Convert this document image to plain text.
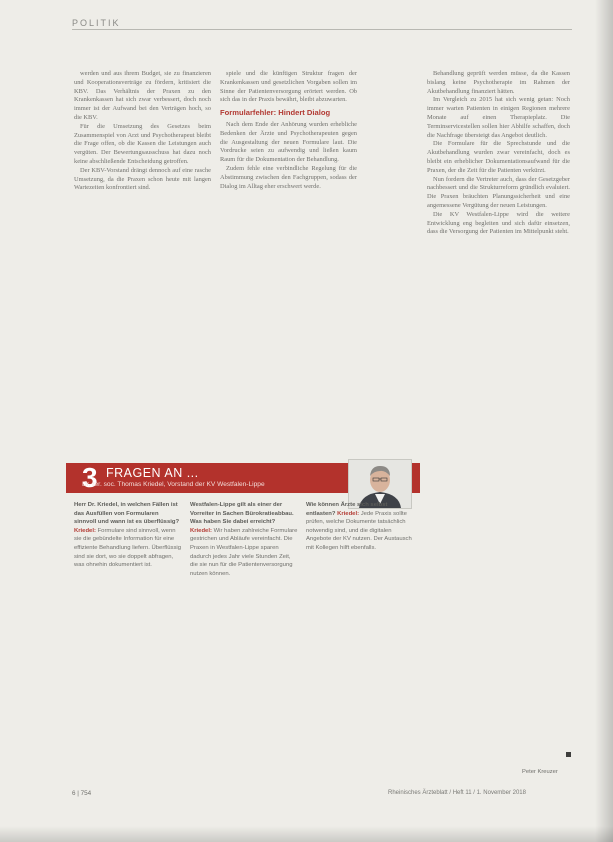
POLITIK

werden und aus ihrem Budget, sie zu finanzieren und Kooperationsverträge zu fördern, kritisiert die KBV. Das Verhältnis der Praxen zu den Krankenkassen hat sich zwar verbessert, doch noch immer ist der Aufwand bei den Verträgen hoch, so die KBV.

Für die Umsetzung des Gesetzes beim Zusammenspiel von Arzt und Psychotherapeut bleibt die Frage offen, ob die Kassen die Leistungen auch vergüten. Der Bewertungsausschuss hat dazu noch keine abschließende Entscheidung getroffen.

Der KBV-Vorstand drängt dennoch auf eine rasche Umsetzung, da die Praxen schon heute mit langen Wartezeiten konfrontiert sind.

spiele und die künftigen Struktur fragen der Krankenkassen und gesetzlichen Vorgaben sollen im Sinne der Patientenversorgung erörtert werden. Ob sich das in der Praxis bewährt, bleibt abzuwarten.

Formularfehler: Hindert Dialog

Nach dem Ende der Anhörung wurden erhebliche Bedenken der Ärzte und Psychotherapeuten gegen die Ausgestaltung der neuen Formulare laut. Die Vordrucke seien zu aufwendig und ließen kaum Raum für die Dokumentation der Behandlung.

Zudem fehle eine verbindliche Regelung für die Abstimmung zwischen den Fachgruppen, sodass der Dialog im Alltag eher erschwert werde.

Behandlung geprüft werden müsse, da die Kassen bislang keine Psychotherapie im Rahmen der Akutbehandlung finanziert hätten.

Im Vergleich zu 2015 hat sich wenig getan: Noch immer warten Patienten in einigen Regionen mehrere Monate auf einen Therapieplatz. Die Terminservicestellen sollen hier Abhilfe schaffen, doch die Nachfrage übersteigt das Angebot deutlich.

Die Formulare für die Sprechstunde und die Akutbehandlung wurden zwar vereinfacht, doch es bleibt ein erheblicher Dokumentationsaufwand für die Praxen, der die Zeit für die Patienten verkürzt.

Nun fordern die Vertreter auch, dass der Gesetzgeber nachbessert und die Strukturreform gründlich evaluiert. Die Praxen bräuchten Planungssicherheit und eine angemessene Vergütung der neuen Leistungen.

Die KV Westfalen-Lippe wird die weitere Entwicklung eng begleiten und sich dafür einsetzen, dass die Versorgung der Patienten im Mittelpunkt steht.

3 FRAGEN AN ...
Dr. rer. soc. Thomas Kriedel, Vorstand der KV Westfalen-Lippe

Herr Dr. Kriedel, in welchen Fällen ist das Ausfüllen von Formularen sinnvoll und wann ist es überflüssig? Kriedel: Formulare sind sinnvoll, wenn sie die gebündelte Information für eine effiziente Behandlung liefern. Überflüssig sind sie dort, wo sie doppelt abfragen, was ohnehin dokumentiert ist.

Westfalen-Lippe gilt als einer der Vorreiter in Sachen Bürokratieabbau. Was haben Sie dabei erreicht? Kriedel: Wir haben zahlreiche Formulare gestrichen und Abläufe vereinfacht. Die Praxen in Westfalen-Lippe sparen dadurch jedes Jahr viele Stunden Zeit, die sie nun für die Patientenversorgung nutzen können.

Wie können Ärzte sich selbst entlasten? Kriedel: Jede Praxis sollte prüfen, welche Dokumente tatsächlich notwendig sind, und die digitalen Angebote der KV nutzen. Der Austausch mit Kollegen hilft ebenfalls.

Peter Kreuzer
6 | 754	Rheinisches Ärzteblatt / Heft 11 / 1. November 2018
